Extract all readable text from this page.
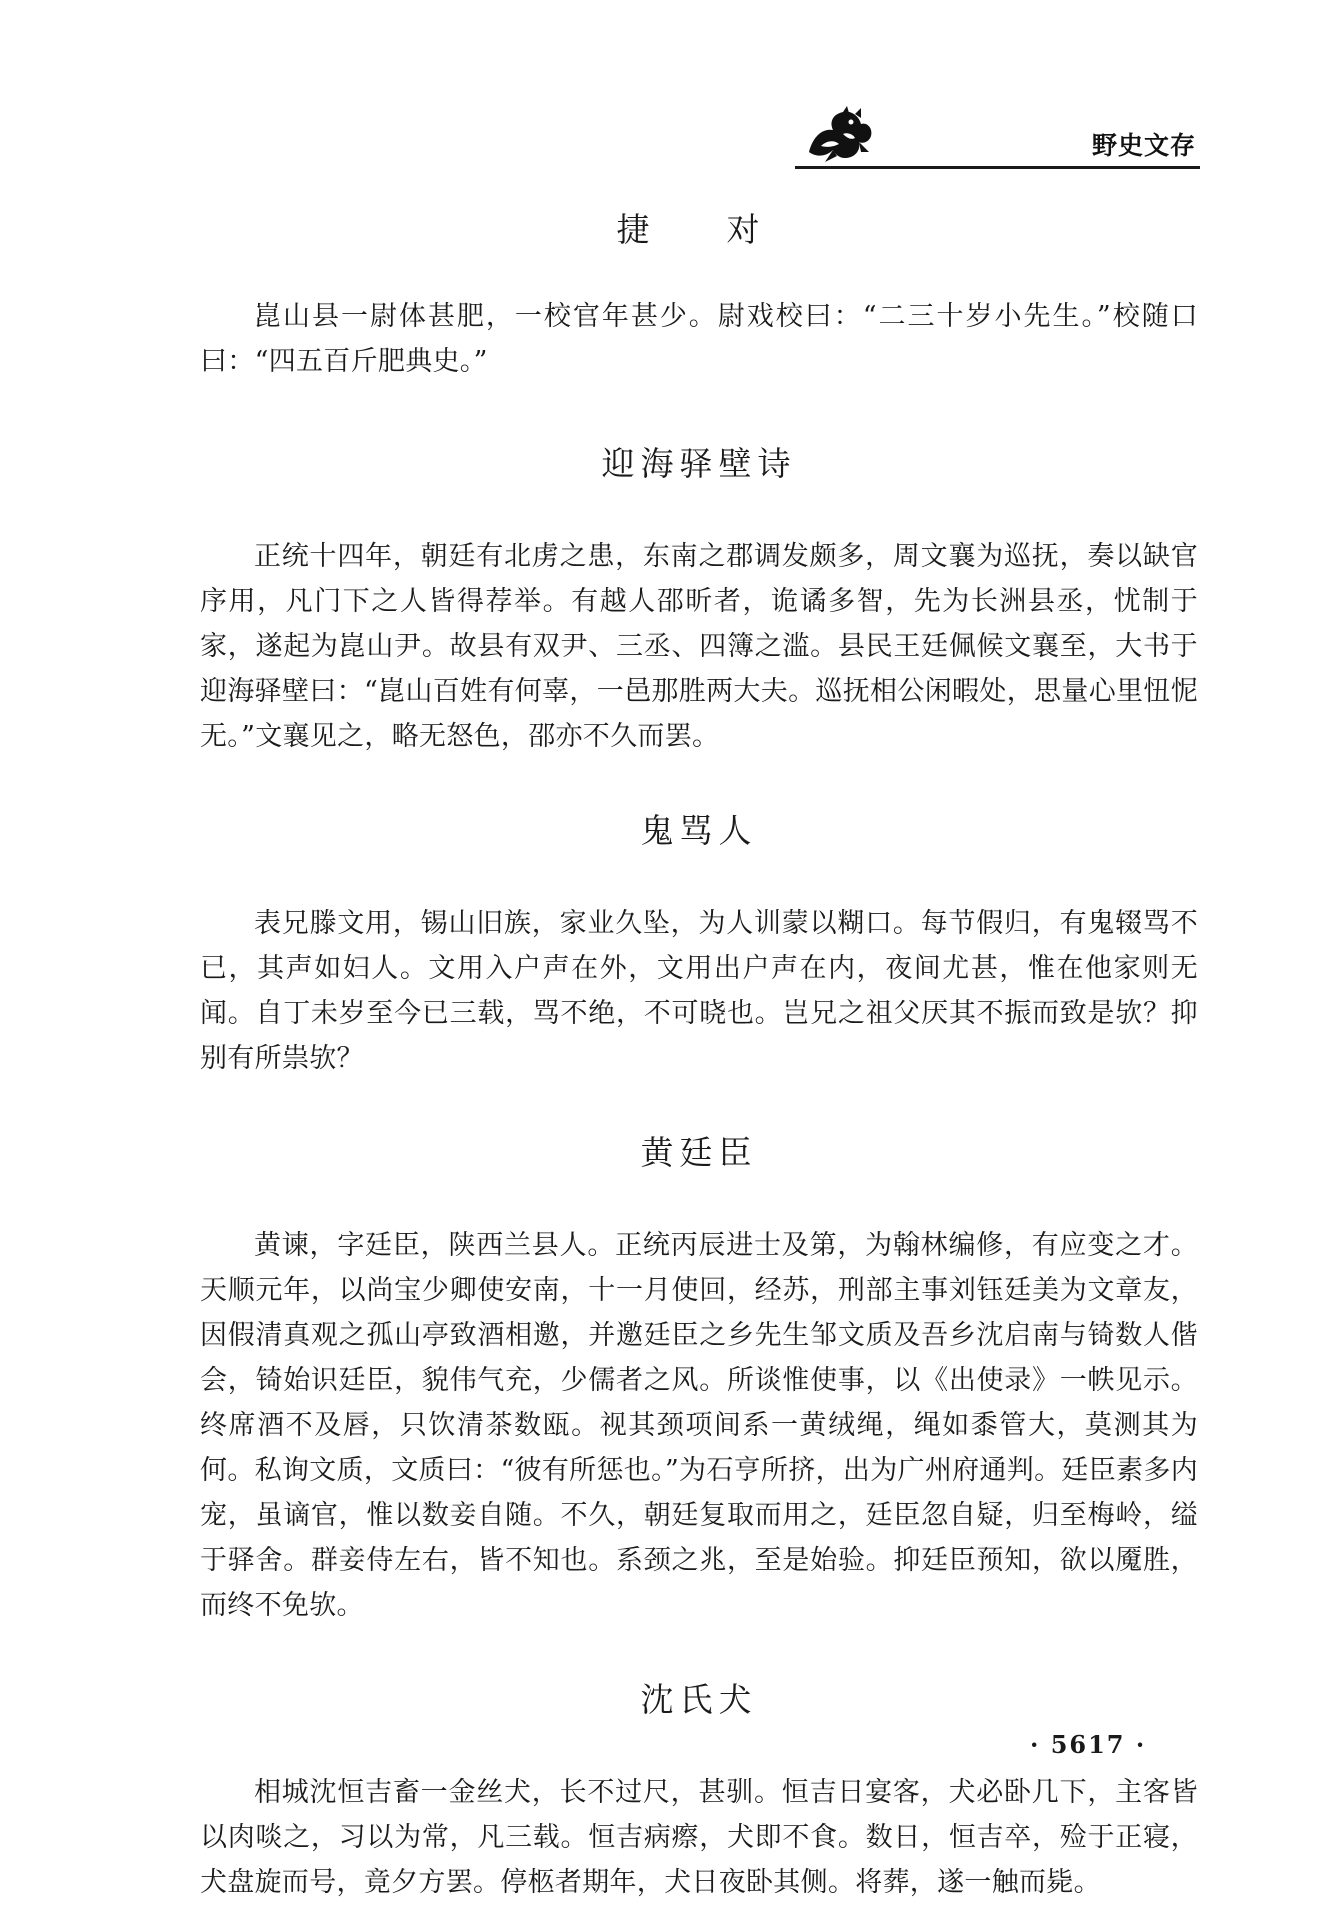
野史文存
捷　对

崑山县一尉体甚肥，一校官年甚少。尉戏校曰：“二三十岁小先生。”校随口曰：“四五百斤肥典史。”

迎海驿壁诗

正统十四年，朝廷有北虏之患，东南之郡调发颇多，周文襄为巡抚，奏以缺官序用，凡门下之人皆得荐举。有越人邵昕者，诡谲多智，先为长洲县丞，忧制于家，遂起为崑山尹。故县有双尹、三丞、四簿之滥。县民王廷佩候文襄至，大书于迎海驿壁曰：“崑山百姓有何辜，一邑那胜两大夫。巡抚相公闲暇处，思量心里忸怩无。”文襄见之，略无怒色，邵亦不久而罢。

鬼骂人

表兄滕文用，锡山旧族，家业久坠，为人训蒙以糊口。每节假归，有鬼辍骂不已，其声如妇人。文用入户声在外，文用出户声在内，夜间尤甚，惟在他家则无闻。自丁未岁至今已三载，骂不绝，不可晓也。岂兄之祖父厌其不振而致是欤？抑别有所祟欤？

黄廷臣

黄谏，字廷臣，陕西兰县人。正统丙辰进士及第，为翰林编修，有应变之才。天顺元年，以尚宝少卿使安南，十一月使回，经苏，刑部主事刘钰廷美为文章友，因假清真观之孤山亭致酒相邀，并邀廷臣之乡先生邹文质及吾乡沈启南与锜数人偕会，锜始识廷臣，貌伟气充，少儒者之风。所谈惟使事，以《出使录》一帙见示。终席酒不及唇，只饮清茶数瓯。视其颈项间系一黄绒绳，绳如黍管大，莫测其为何。私询文质，文质曰：“彼有所惩也。”为石亨所挤，出为广州府通判。廷臣素多内宠，虽谪官，惟以数妾自随。不久，朝廷复取而用之，廷臣忽自疑，归至梅岭，缢于驿舍。群妾侍左右，皆不知也。系颈之兆，至是始验。抑廷臣预知，欲以魇胜，而终不免欤。

沈氏犬

相城沈恒吉畜一金丝犬，长不过尺，甚驯。恒吉日宴客，犬必卧几下，主客皆以肉啖之，习以为常，凡三载。恒吉病瘵，犬即不食。数日，恒吉卒，殓于正寝，犬盘旋而号，竟夕方罢。停柩者期年，犬日夜卧其侧。将葬，遂一触而毙。

· 5617 ·
